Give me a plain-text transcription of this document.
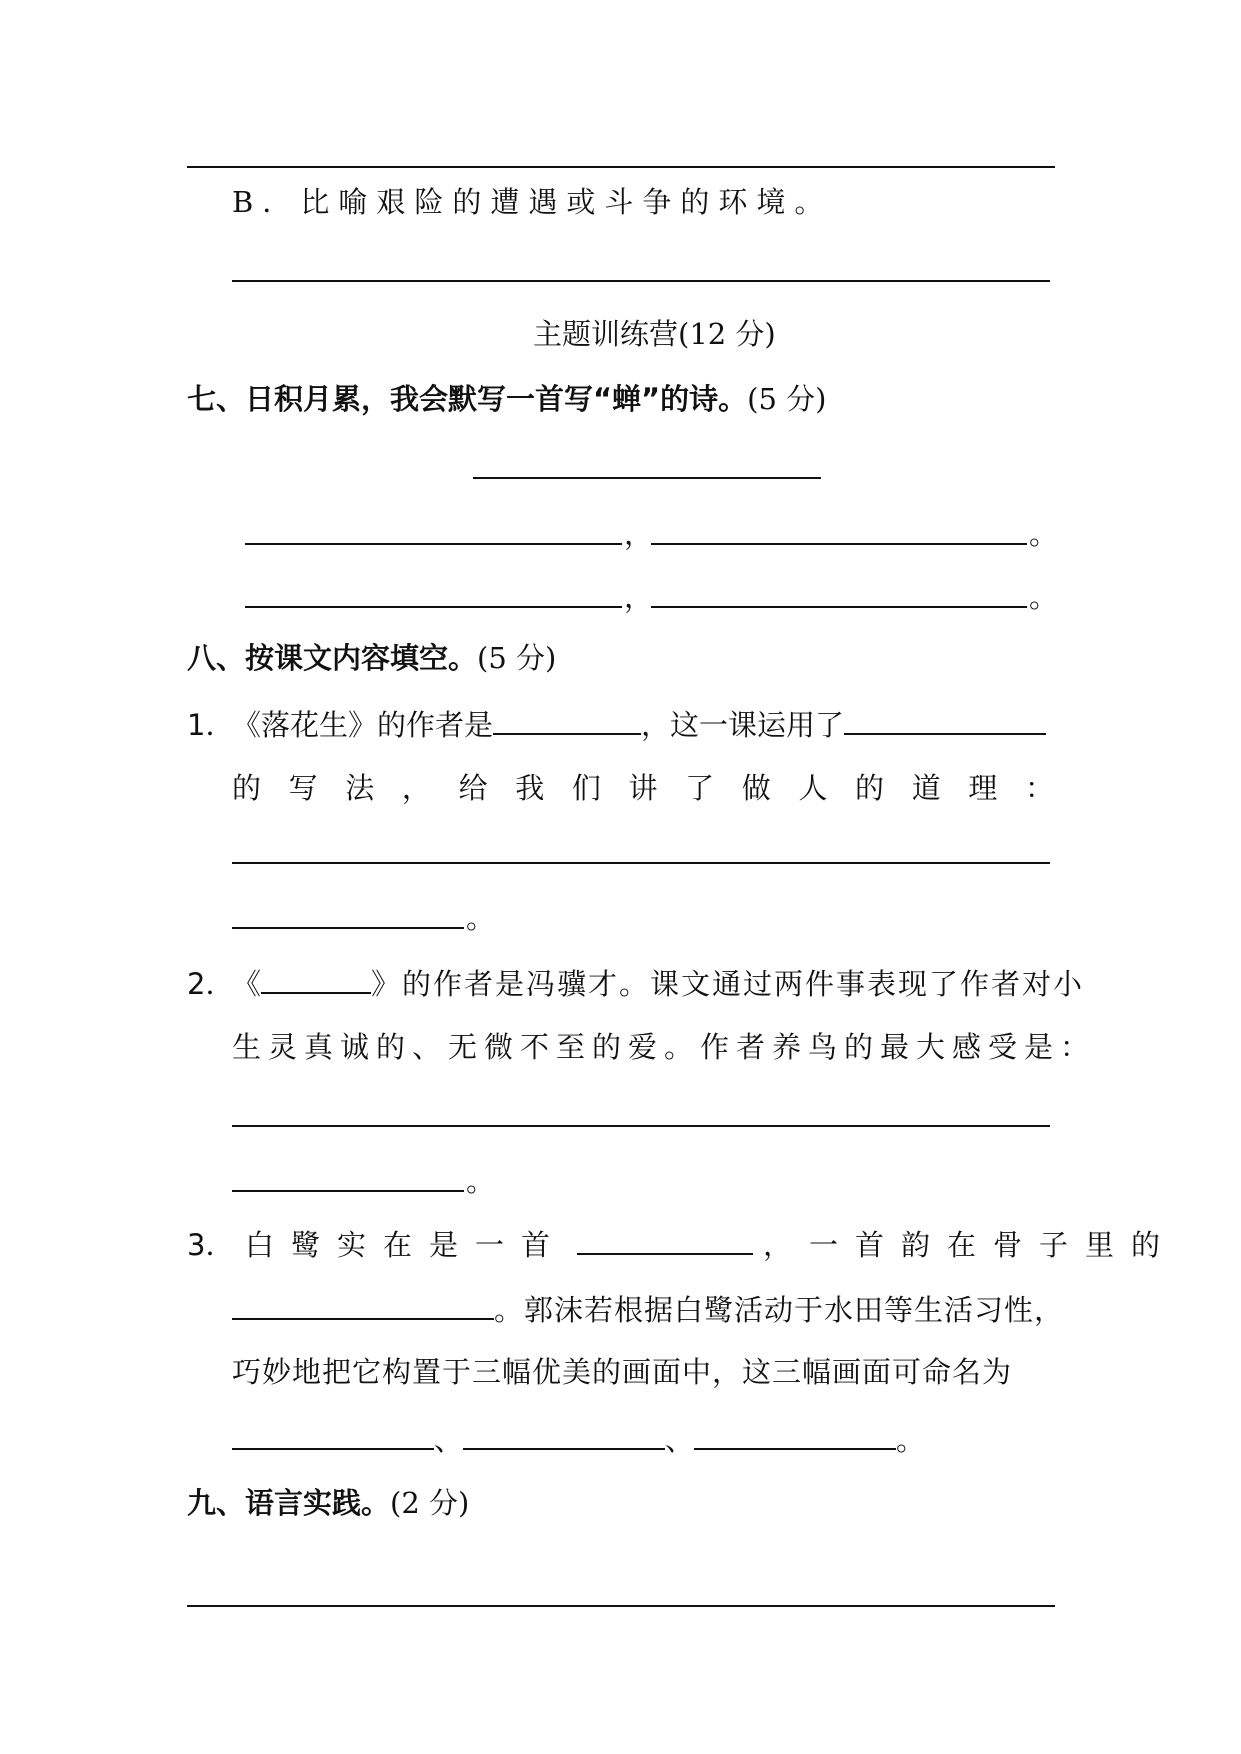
B．比喻艰险的遭遇或斗争的环境。
主题训练营(12 分)
七、日积月累，我会默写一首写“蝉”的诗。(5 分)
，	。
，	。
八、按课文内容填空。(5 分)
1．《落花生》的作者是	，这一课运用了
的 写 法 ， 给 我 们 讲 了 做 人 的 道 理 ：
。
2．《	》的作者是冯骥才。课文通过两件事表现了作者对小
生灵真诚的、无微不至的爱。作者养鸟的最大感受是：
。
3． 白鹭实在是一首	，一首韵在骨子里的
。郭沫若根据白鹭活动于水田等生活习性，
巧妙地把它构置于三幅优美的画面中，这三幅画面可命名为
、	、	。
九、语言实践。(2 分)
